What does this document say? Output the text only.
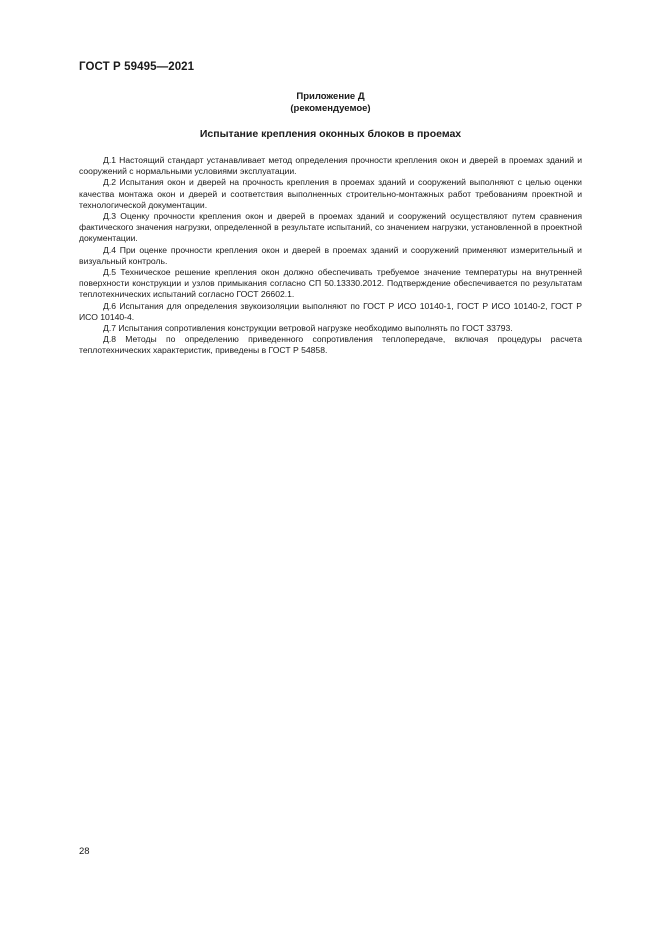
ГОСТ Р 59495—2021
Приложение Д
(рекомендуемое)
Испытание крепления оконных блоков в проемах

Д.1 Настоящий стандарт устанавливает метод определения прочности крепления окон и дверей в проемах зданий и сооружений с нормальными условиями эксплуатации.

Д.2 Испытания окон и дверей на прочность крепления в проемах зданий и сооружений выполняют с целью оценки качества монтажа окон и дверей и соответствия выполненных строительно-монтажных работ требованиям проектной и технологической документации.

Д.3 Оценку прочности крепления окон и дверей в проемах зданий и сооружений осуществляют путем сравнения фактического значения нагрузки, определенной в результате испытаний, со значением нагрузки, установленной в проектной документации.

Д.4 При оценке прочности крепления окон и дверей в проемах зданий и сооружений применяют измерительный и визуальный контроль.

Д.5 Техническое решение крепления окон должно обеспечивать требуемое значение температуры на внутренней поверхности конструкции и узлов примыкания согласно СП 50.13330.2012. Подтверждение обеспечивается по результатам теплотехнических испытаний согласно ГОСТ 26602.1.

Д.6 Испытания для определения звукоизоляции выполняют по ГОСТ Р ИСО 10140-1, ГОСТ Р ИСО 10140-2, ГОСТ Р ИСО 10140-4.

Д.7 Испытания сопротивления конструкции ветровой нагрузке необходимо выполнять по ГОСТ 33793.

Д.8 Методы по определению приведенного сопротивления теплопередаче, включая процедуры расчета теплотехнических характеристик, приведены в ГОСТ Р 54858.

28
